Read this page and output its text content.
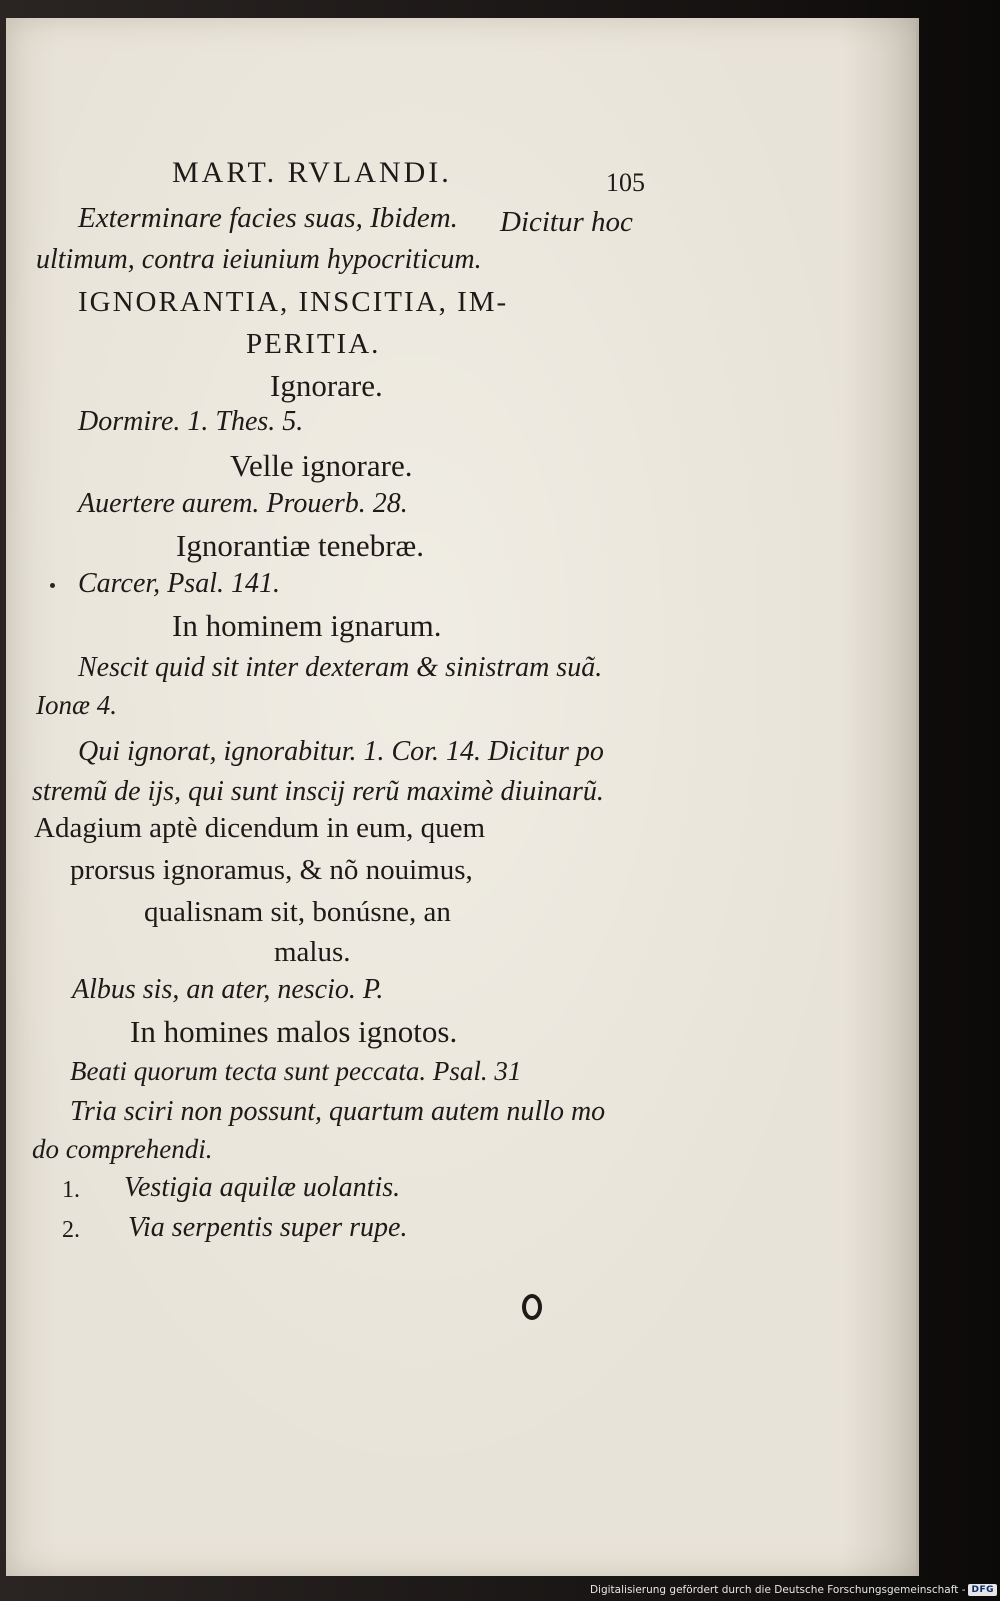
MART. RVLANDI.	105
Exterminare facies suas, Ibidem. Dicitur hoc
ultimum, contra ieiunium hypocriticum.
IGNORANTIA, INSCITIA, IM-
PERITIA.
Ignorare.
Dormire. 1. Thes. 5.
Velle ignorare.
Auertere aurem. Prouerb. 28.
Ignorantiæ tenebræ.
Carcer, Psal. 141.
In hominem ignarum.
Nescit quid sit inter dexteram & sinistram suã.
Ionæ 4.
Qui ignorat, ignorabitur. 1. Cor. 14. Dicitur po
stremũ de ijs, qui sunt inscij rerũ maximè diuinarũ.
Adagium aptè dicendum in eum, quem
prorsus ignoramus, & nõ nouimus,
qualisnam sit, bonúsne, an
malus.
Albus sis, an ater, nescio. P.
In homines malos ignotos.
Beati quorum tecta sunt peccata. Psal. 31
Tria sciri non possunt, quartum autem nullo mo
do comprehendi.
1. Vestigia aquilæ uolantis.
2. Via serpentis super rupe.
Digitalisierung gefördert durch die Deutsche Forschungsgemeinschaft - DFG
